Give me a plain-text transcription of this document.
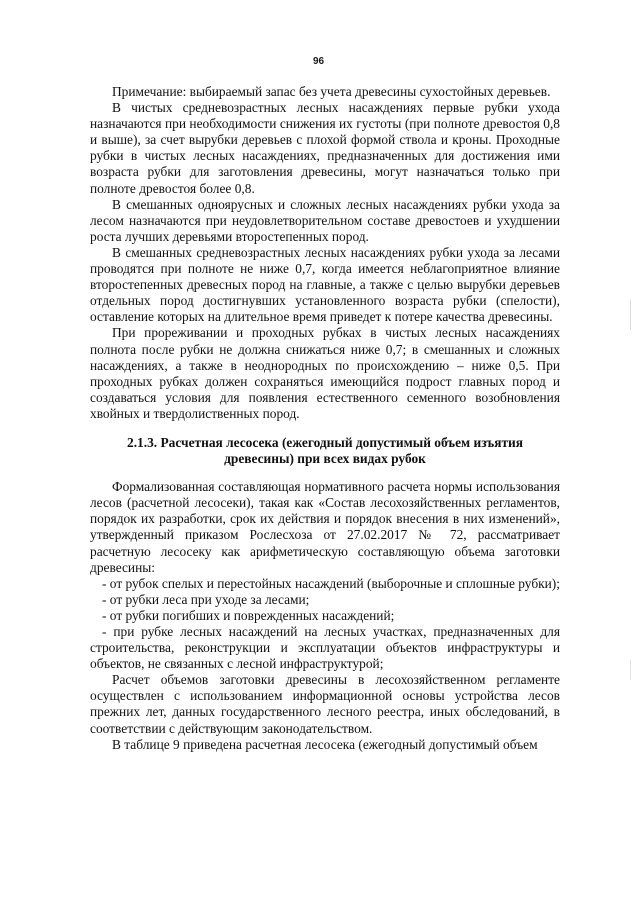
96

Примечание: выбираемый запас без учета древесины сухостойных деревьев.

В чистых средневозрастных лесных насаждениях первые рубки ухода назначаются при необходимости снижения их густоты (при полноте древостоя 0,8 и выше), за счет вырубки деревьев с плохой формой ствола и кроны. Проходные рубки в чистых лесных насаждениях, предназначенных для достижения ими возраста рубки для заготовления древесины, могут назначаться только при полноте древостоя более 0,8.

В смешанных одноярусных и сложных лесных насаждениях рубки ухода за лесом назначаются при неудовлетворительном составе древостоев и ухудшении роста лучших деревьями второстепенных пород.

В смешанных средневозрастных лесных насаждениях рубки ухода за лесами проводятся при полноте не ниже 0,7, когда имеется неблагоприятное влияние второстепенных древесных пород на главные, а также с целью вырубки деревьев отдельных пород достигнувших установленного возраста рубки (спелости), оставление которых на длительное время приведет к потере качества древесины.

При прореживании и проходных рубках в чистых лесных насаждениях полнота после рубки не должна снижаться ниже 0,7; в смешанных и сложных насаждениях, а также в неоднородных по происхождению – ниже 0,5. При проходных рубках должен сохраняться имеющийся подрост главных пород и создаваться условия для появления естественного семенного возобновления хвойных и твердолиственных пород.

2.1.3. Расчетная лесосека (ежегодный допустимый объем изъятия древесины) при всех видах рубок

Формализованная составляющая нормативного расчета нормы использования лесов (расчетной лесосеки), такая как «Состав лесохозяйственных регламентов, порядок их разработки, срок их действия и порядок внесения в них изменений», утвержденный приказом Рослесхоза от 27.02.2017 № 72, рассматривает расчетную лесосеку как арифметическую составляющую объема заготовки древесины:

- от рубок спелых и перестойных насаждений (выборочные и сплошные рубки);

- от рубки леса при уходе за лесами;

- от рубки погибших и поврежденных насаждений;

- при рубке лесных насаждений на лесных участках, предназначенных для строительства, реконструкции и эксплуатации объектов инфраструктуры и объектов, не связанных с лесной инфраструктурой;

Расчет объемов заготовки древесины в лесохозяйственном регламенте осуществлен с использованием информационной основы устройства лесов прежних лет, данных государственного лесного реестра, иных обследований, в соответствии с действующим законодательством.

В таблице 9 приведена расчетная лесосека (ежегодный допустимый объем
